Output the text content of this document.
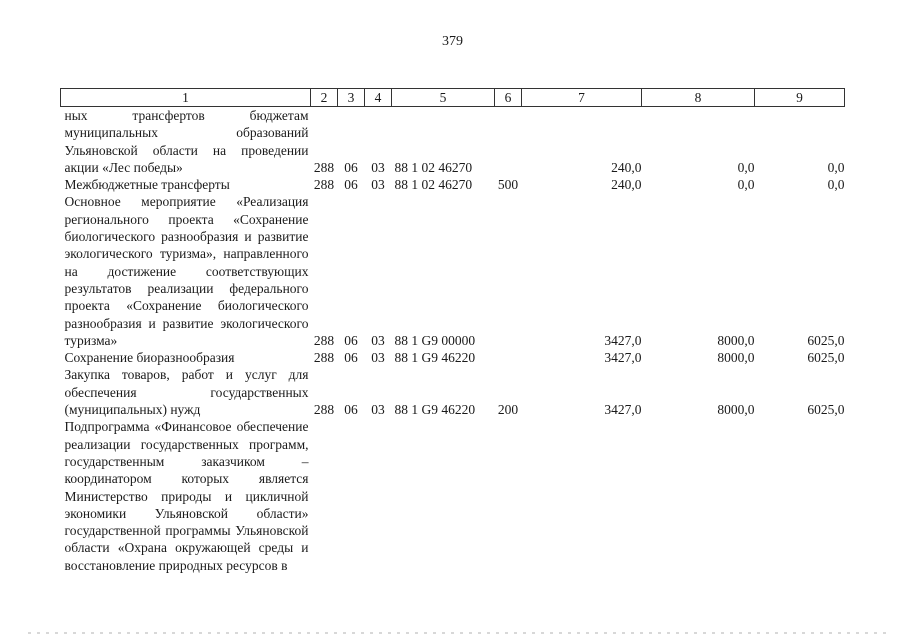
379
1	2	3	4	5	6	7	8	9
ных трансфертов бюджетам муниципальных образований Ульяновской области на проведении акции «Лес победы»	288	06	03	88 1 02 46270		240,0	0,0	0,0
Межбюджетные трансферты	288	06	03	88 1 02 46270	500	240,0	0,0	0,0
Основное мероприятие «Реализация регионального проекта «Сохранение биологического разнообразия и развитие экологического туризма», направленного на достижение соответствующих результатов реализации федерального проекта «Сохранение биологического разнообразия и развитие экологического туризма»	288	06	03	88 1 G9 00000		3427,0	8000,0	6025,0
Сохранение биоразнообразия	288	06	03	88 1 G9 46220		3427,0	8000,0	6025,0
Закупка товаров, работ и услуг для обеспечения государственных (муниципальных) нужд	288	06	03	88 1 G9 46220	200	3427,0	8000,0	6025,0
Подпрограмма «Финансовое обеспечение реализации государственных программ, государственным заказчиком – координатором которых является Министерство природы и цикличной экономики Ульяновской области» государственной программы Ульяновской области «Охрана окружающей среды и восстановление природных ресурсов в								
